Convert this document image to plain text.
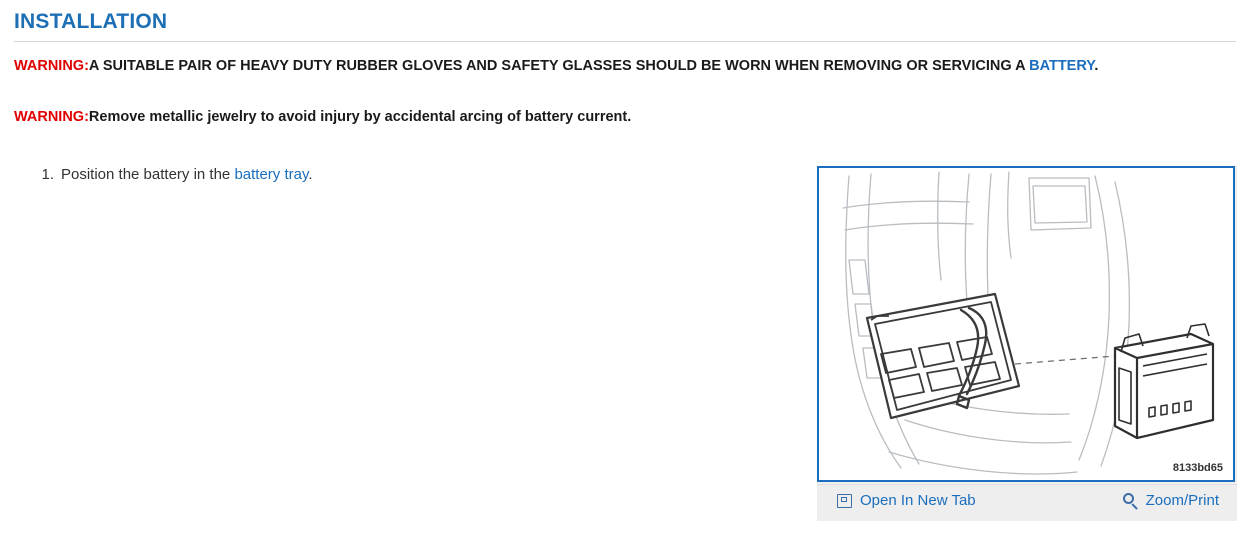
INSTALLATION
WARNING:A SUITABLE PAIR OF HEAVY DUTY RUBBER GLOVES AND SAFETY GLASSES SHOULD BE WORN WHEN REMOVING OR SERVICING A BATTERY.
WARNING:Remove metallic jewelry to avoid injury by accidental arcing of battery current.
1. Position the battery in the battery tray.
8133bd65
Open In New Tab	Zoom/Print
